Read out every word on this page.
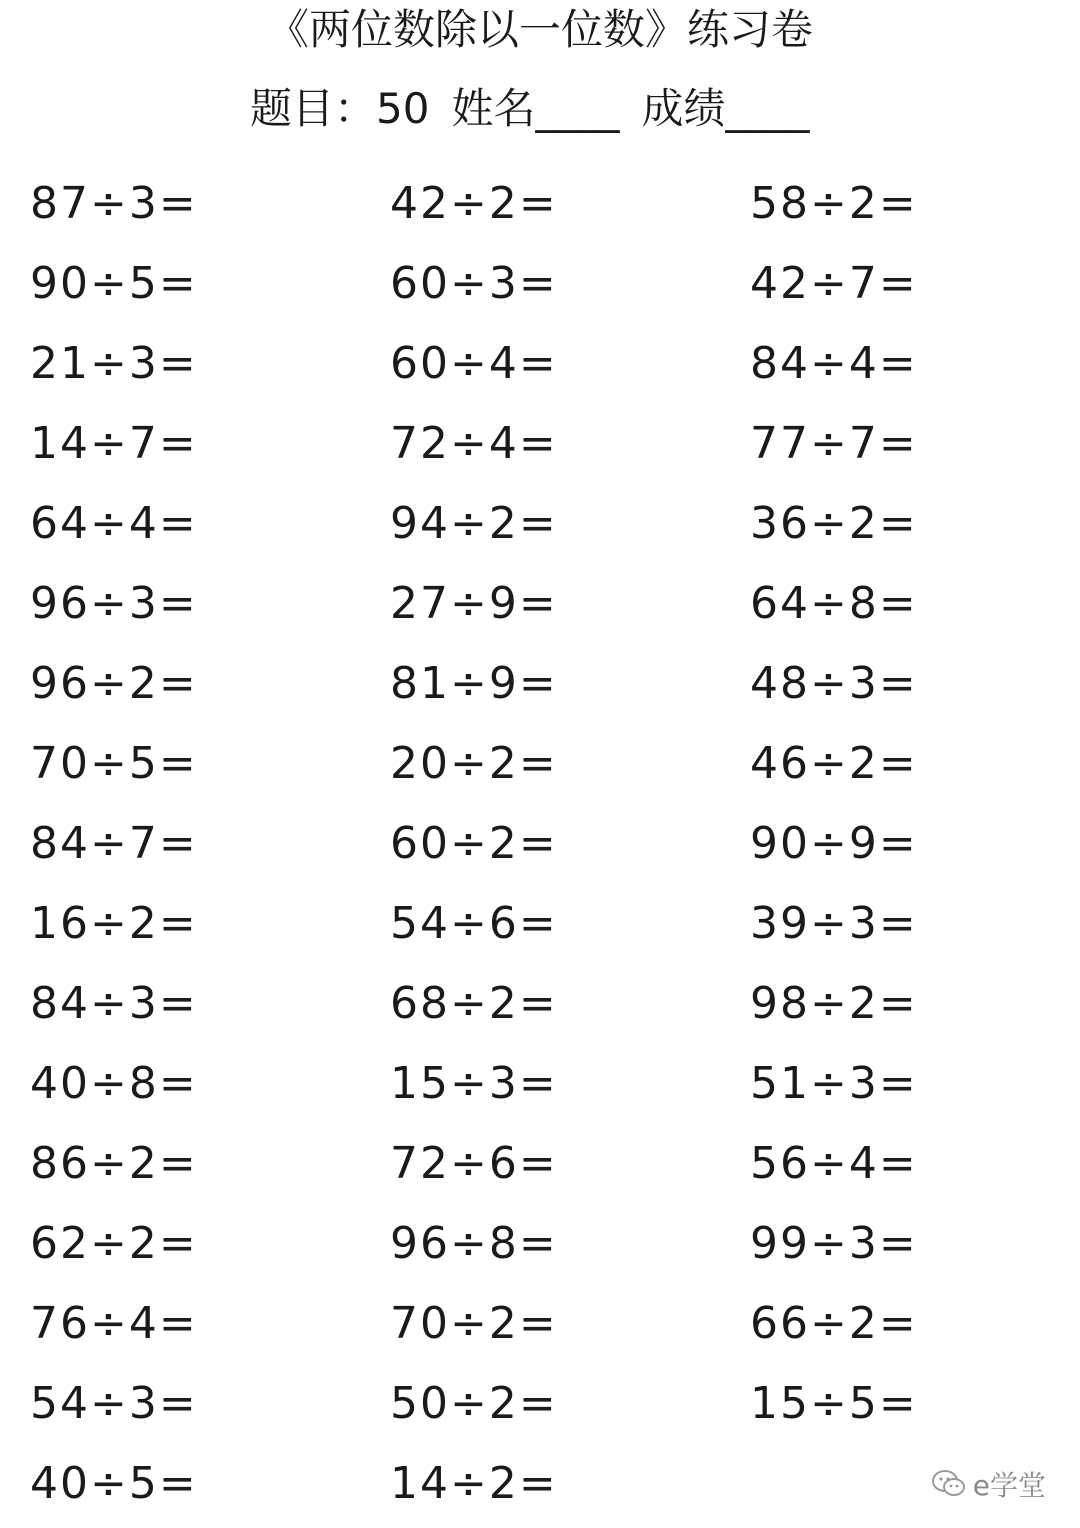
《两位数除以一位数》练习卷
题目：50 姓名____ 成绩____
87÷3=
90÷5=
21÷3=
14÷7=
64÷4=
96÷3=
96÷2=
70÷5=
84÷7=
16÷2=
84÷3=
40÷8=
86÷2=
62÷2=
76÷4=
54÷3=
40÷5=
42÷2=
60÷3=
60÷4=
72÷4=
94÷2=
27÷9=
81÷9=
20÷2=
60÷2=
54÷6=
68÷2=
15÷3=
72÷6=
96÷8=
70÷2=
50÷2=
14÷2=
58÷2=
42÷7=
84÷4=
77÷7=
36÷2=
64÷8=
48÷3=
46÷2=
90÷9=
39÷3=
98÷2=
51÷3=
56÷4=
99÷3=
66÷2=
15÷5=
e学堂
